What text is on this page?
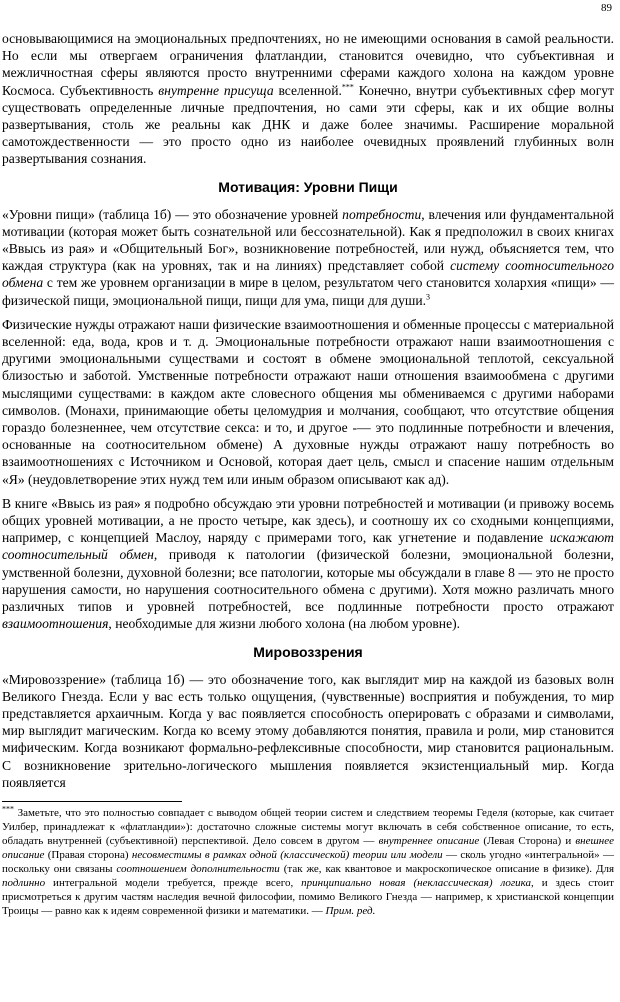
89

основывающимися на эмоциональных предпочтениях, но не имеющими основания в самой реальности. Но если мы отвергаем ограничения флатландии, становится очевидно, что субъективная и межличностная сферы являются просто внутренними сферами каждого холона на каждом уровне Космоса. Субъективность внутренне присуща вселенной.*** Конечно, внутри субъективных сфер могут существовать определенные личные предпочтения, но сами эти сферы, как и их общие волны развертывания, столь же реальны как ДНК и даже более значимы. Расширение моральной самотождественности — это просто одно из наиболее очевидных проявлений глубинных волн развертывания сознания.

Мотивация: Уровни Пищи

«Уровни пищи» (таблица 1б) — это обозначение уровней потребности, влечения или фундаментальной мотивации (которая может быть сознательной или бессознательной). Как я предположил в своих книгах «Ввысь из рая» и «Общительный Бог», возникновение потребностей, или нужд, объясняется тем, что каждая структура (как на уровнях, так и на линиях) представляет собой систему соотносительного обмена с тем же уровнем организации в мире в целом, результатом чего становится холархия «пищи» — физической пищи, эмоциональной пищи, пищи для ума, пищи для души.$^3$

Физические нужды отражают наши физические взаимоотношения и обменные процессы с материальной вселенной: еда, вода, кров и т. д. Эмоциональные потребности отражают наши взаимоотношения с другими эмоциональными существами и состоят в обмене эмоциональной теплотой, сексуальной близостью и заботой. Умственные потребности отражают наши отношения взаимообмена с другими мыслящими существами: в каждом акте словесного общения мы обмениваемся с другими наборами символов. (Монахи, принимающие обеты целомудрия и молчания, сообщают, что отсутствие общения гораздо болезненнее, чем отсутствие секса: и то, и другое -— это подлинные потребности и влечения, основанные на соотносительном обмене) А духовные нужды отражают нашу потребность во взаимоотношениях с Источником и Основой, которая дает цель, смысл и спасение нашим отдельным «Я» (неудовлетворение этих нужд тем или иным образом описывают как ад).

В книге «Ввысь из рая» я подробно обсуждаю эти уровни потребностей и мотивации (и привожу восемь общих уровней мотивации, а не просто четыре, как здесь), и соотношу их со сходными концепциями, например, с концепцией Маслоу, наряду с примерами того, как угнетение и подавление искажают соотносительный обмен, приводя к патологии (физической болезни, эмоциональной болезни, умственной болезни, духовной болезни; все патологии, которые мы обсуждали в главе 8 — это не просто нарушения самости, но нарушения соотносительного обмена с другими). Хотя можно различать много различных типов и уровней потребностей, все подлинные потребности просто отражают взаимоотношения, необходимые для жизни любого холона (на любом уровне).

Мировоззрения

«Мировоззрение» (таблица 1б) — это обозначение того, как выглядит мир на каждой из базовых волн Великого Гнезда. Если у вас есть только ощущения, (чувственные) восприятия и побуждения, то мир представляется архаичным. Когда у вас появляется способность оперировать с образами и символами, мир выглядит магическим. Когда ко всему этому добавляются понятия, правила и роли, мир становится мифическим. Когда возникают формально-рефлексивные способности, мир становится рациональным. С возникновение зрительно-логического мышления появляется экзистенциальный мир. Когда появляется

*** Заметьте, что это полностью совпадает с выводом общей теории систем и следствием теоремы Геделя (которые, как считает Уилбер, принадлежат к «флатландии»): достаточно сложные системы могут включать в себя собственное описание, то есть, обладать внутренней (субъективной) перспективой. Дело совсем в другом — внутреннее описание (Левая Сторона) и внешнее описание (Правая сторона) несовместимы в рамках одной (классической) теории или модели — сколь угодно «интегральной» — поскольку они связаны соотношением дополнительности (так же, как квантовое и макроскопическое описание в физике). Для подлинно интегральной модели требуется, прежде всего, принципиально новая (неклассическая) логика, и здесь стоит присмотреться к другим частям наследия вечной философии, помимо Великого Гнезда — например, к христианской концепции Троицы — равно как к идеям современной физики и математики. — Прим. ред.
